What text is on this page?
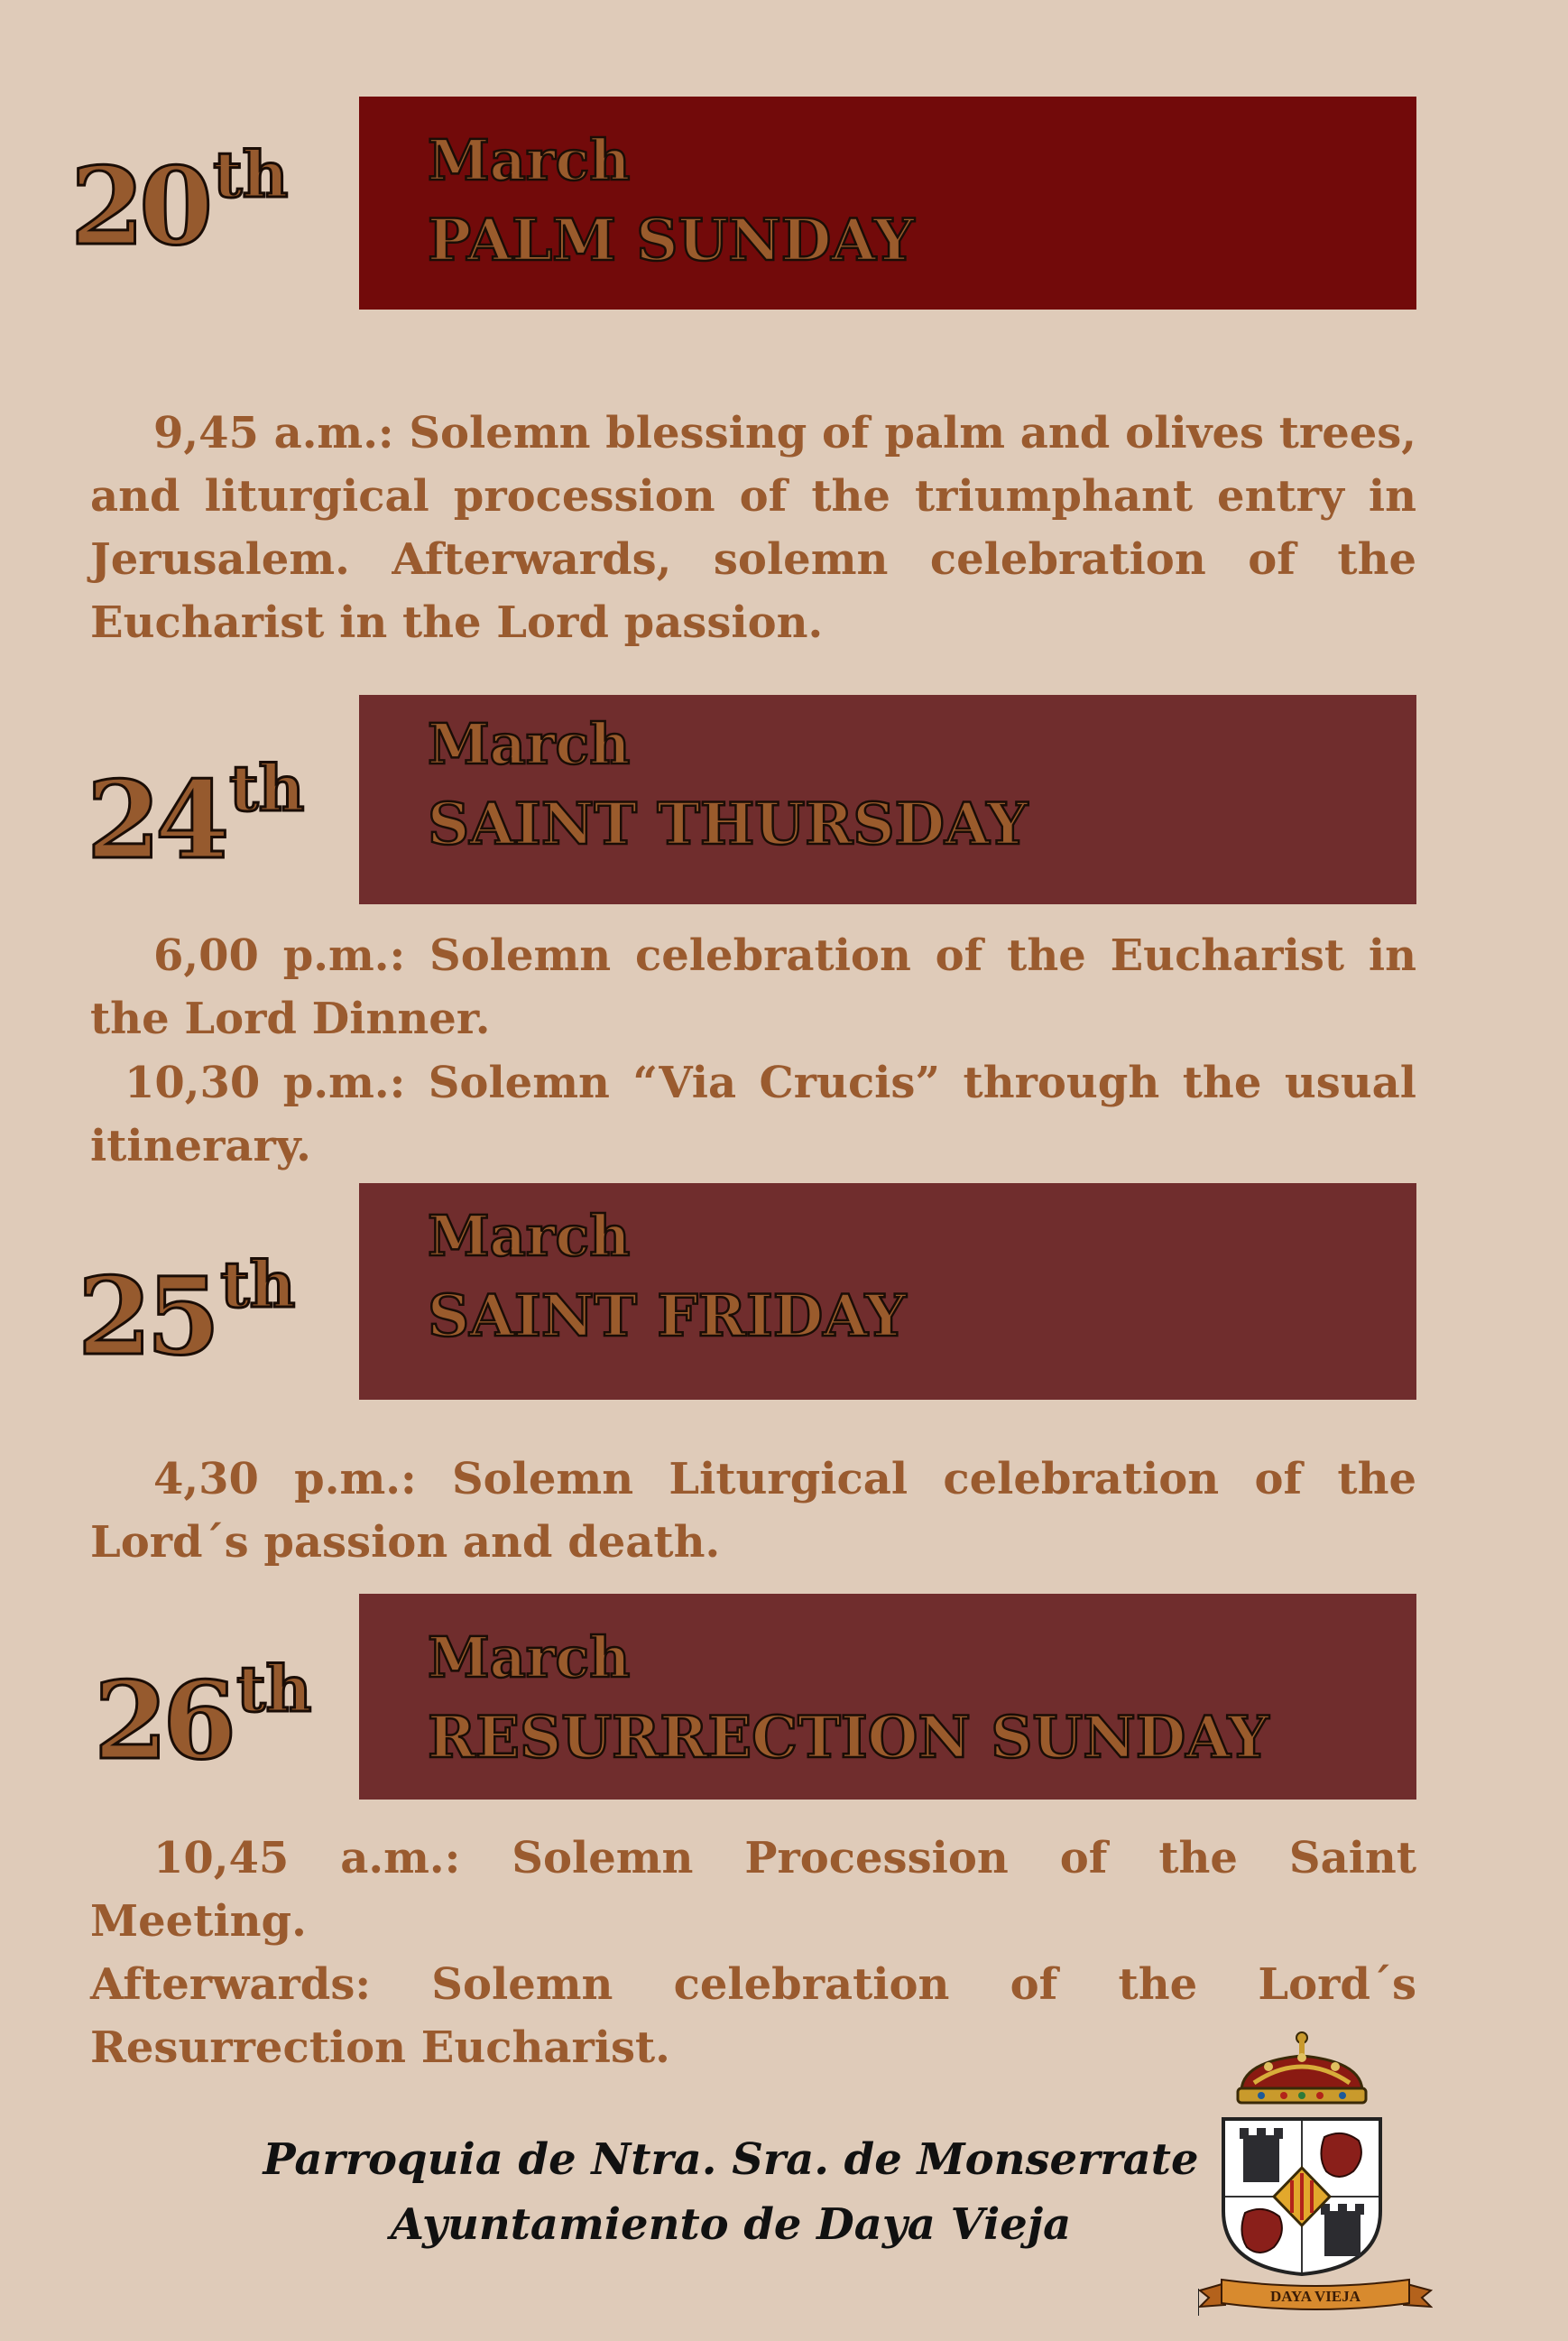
20th March
PALM SUNDAY

9,45 a.m.: Solemn blessing of palm and olives trees, and liturgical procession of the triumphant entry in Jerusalem. Afterwards, solemn celebration of the Eucharist in the Lord passion.

24th
March
SAINT THURSDAY

6,00 p.m.: Solemn celebration of the Eucharist in the Lord Dinner.

10,30 p.m.: Solemn “Via Crucis” through the usual itinerary.

25th
March
SAINT FRIDAY

4,30 p.m.: Solemn Liturgical celebration of the Lord´s passion and death.

26th March
RESURRECTION SUNDAY

10,45 a.m.: Solemn Procession of the Saint Meeting.

Afterwards: Solemn celebration of the Lord´s Resurrection Eucharist.

Parroquia de Ntra. Sra. de Monserrate
Ayuntamiento de Daya Vieja
DAYA VIEJA
